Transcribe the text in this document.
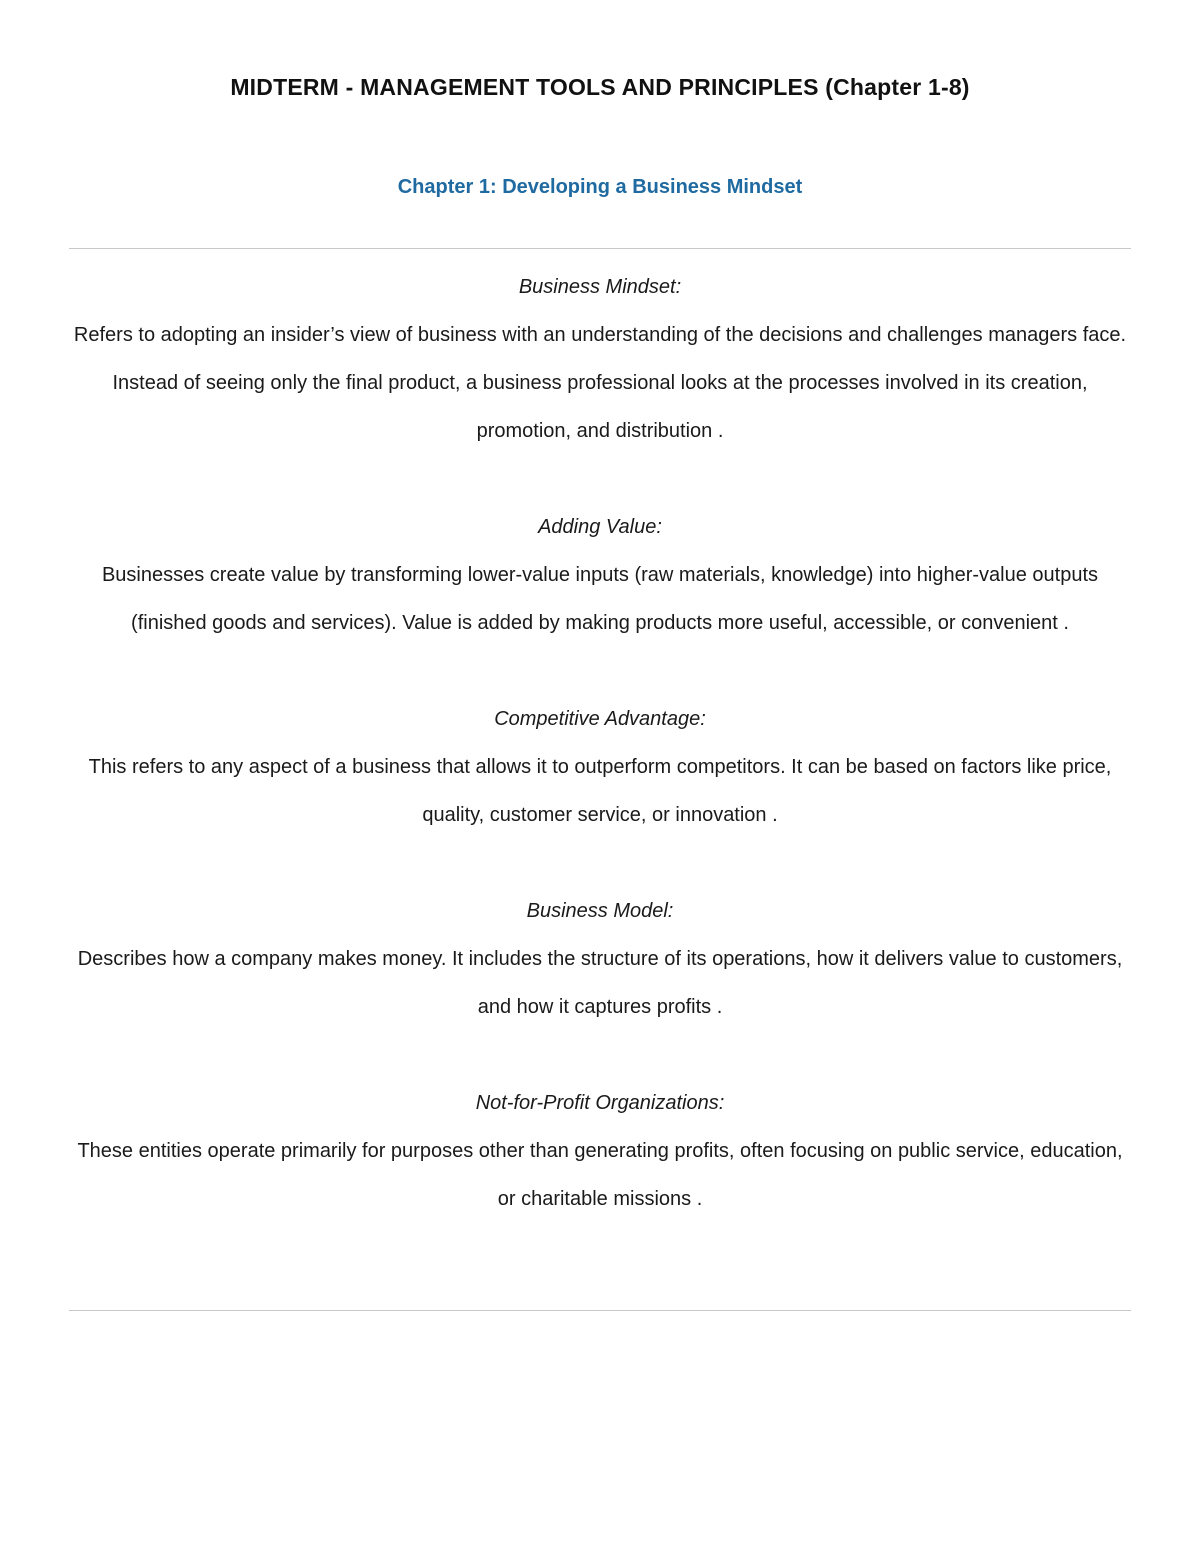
MIDTERM - MANAGEMENT TOOLS AND PRINCIPLES (Chapter 1-8)
Chapter 1: Developing a Business Mindset

Business Mindset:

Refers to adopting an insider’s view of business with an understanding of the decisions and challenges managers face. Instead of seeing only the final product, a business professional looks at the processes involved in its creation, promotion, and distribution .

Adding Value:

Businesses create value by transforming lower-value inputs (raw materials, knowledge) into higher-value outputs (finished goods and services). Value is added by making products more useful, accessible, or convenient .

Competitive Advantage:

This refers to any aspect of a business that allows it to outperform competitors. It can be based on factors like price, quality, customer service, or innovation .

Business Model:

Describes how a company makes money. It includes the structure of its operations, how it delivers value to customers, and how it captures profits .

Not-for-Profit Organizations:

These entities operate primarily for purposes other than generating profits, often focusing on public service, education, or charitable missions .
